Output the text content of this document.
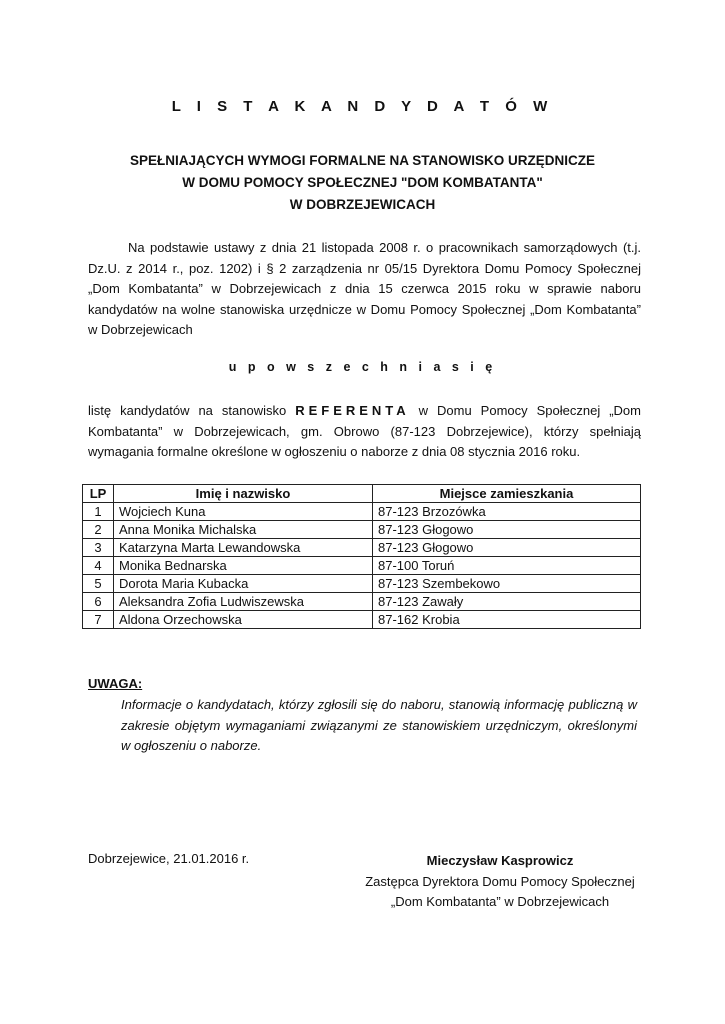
L I S T A K A N D Y D A T Ó W
SPEŁNIAJĄCYCH WYMOGI FORMALNE NA STANOWISKO URZĘDNICZE
W DOMU POMOCY SPOŁECZNEJ "DOM KOMBATANTA"
W DOBRZEJEWICACH
Na podstawie ustawy z dnia 21 listopada 2008 r. o pracownikach samorządowych (t.j. Dz.U. z 2014 r., poz. 1202) i § 2 zarządzenia nr 05/15 Dyrektora Domu Pomocy Społecznej „Dom Kombatanta” w Dobrzejewicach z dnia 15 czerwca 2015 roku w sprawie naboru kandydatów na wolne stanowiska urzędnicze w Domu Pomocy Społecznej „Dom Kombatanta” w Dobrzejewicach
u p o w s z e c h n i a s i ę
listę kandydatów na stanowisko REFERENTA w Domu Pomocy Społecznej „Dom Kombatanta” w Dobrzejewicach, gm. Obrowo (87-123 Dobrzejewice), którzy spełniają wymagania formalne określone w ogłoszeniu o naborze z dnia 08 stycznia 2016 roku.
LP	Imię i nazwisko	Miejsce zamieszkania
1	Wojciech Kuna	87-123 Brzozówka
2	Anna Monika Michalska	87-123 Głogowo
3	Katarzyna Marta Lewandowska	87-123 Głogowo
4	Monika Bednarska	87-100 Toruń
5	Dorota Maria Kubacka	87-123 Szembekowo
6	Aleksandra Zofia Ludwiszewska	87-123 Zawały
7	Aldona Orzechowska	87-162 Krobia
UWAGA:
Informacje o kandydatach, którzy zgłosili się do naboru, stanowią informację publiczną w zakresie objętym wymaganiami związanymi ze stanowiskiem urzędniczym, określonymi w ogłoszeniu o naborze.
Dobrzejewice, 21.01.2016 r.	Mieczysław Kasprowicz
Zastępca Dyrektora Domu Pomocy Społecznej
„Dom Kombatanta” w Dobrzejewicach
